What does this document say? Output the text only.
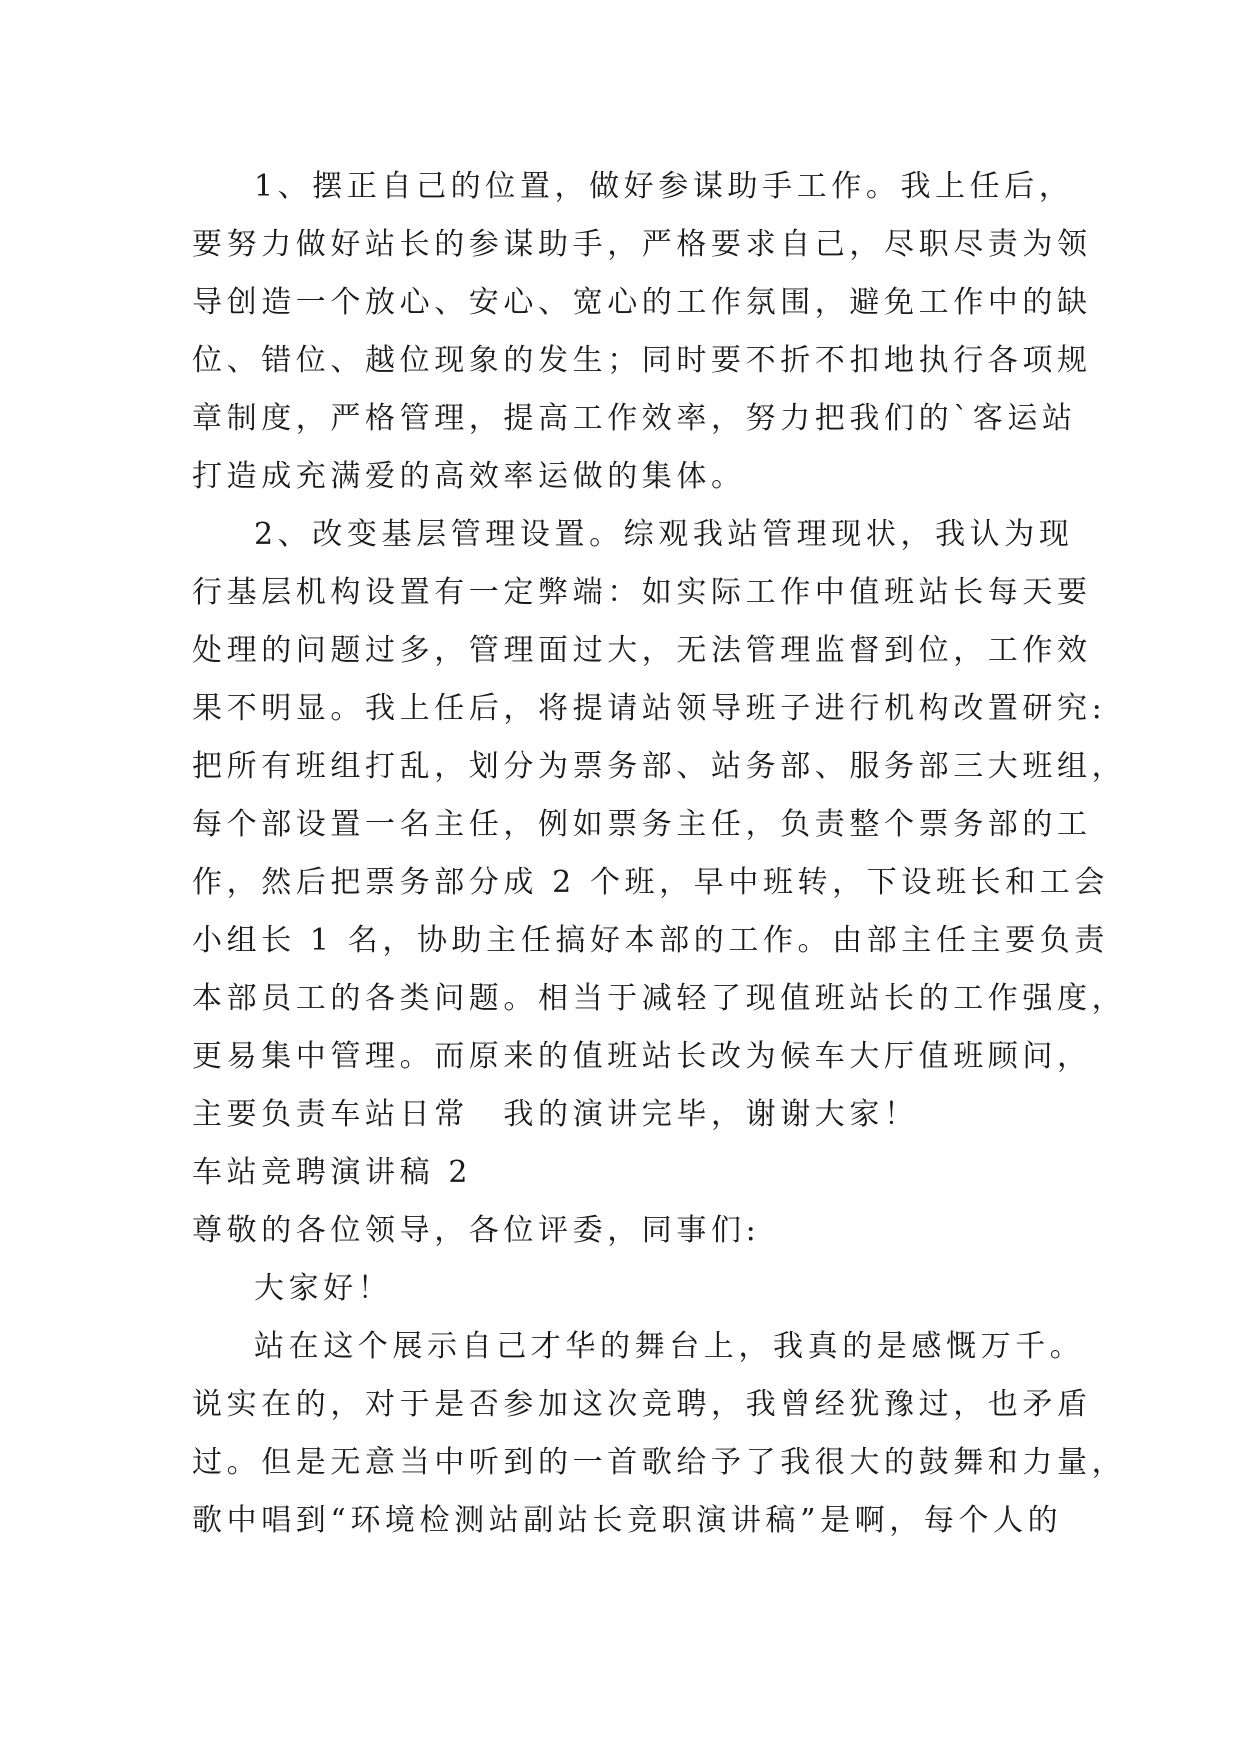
1、摆正自己的位置，做好参谋助手工作。我上任后，
要努力做好站长的参谋助手，严格要求自己，尽职尽责为领
导创造一个放心、安心、宽心的工作氛围，避免工作中的缺
位、错位、越位现象的发生；同时要不折不扣地执行各项规
章制度，严格管理，提高工作效率，努力把我们的`客运站
打造成充满爱的高效率运做的集体。
2、改变基层管理设置。综观我站管理现状，我认为现
行基层机构设置有一定弊端：如实际工作中值班站长每天要
处理的问题过多，管理面过大，无法管理监督到位，工作效
果不明显。我上任后，将提请站领导班子进行机构改置研究:
把所有班组打乱，划分为票务部、站务部、服务部三大班组，
每个部设置一名主任，例如票务主任，负责整个票务部的工
作，然后把票务部分成 2 个班，早中班转，下设班长和工会
小组长 1 名，协助主任搞好本部的工作。由部主任主要负责
本部员工的各类问题。相当于减轻了现值班站长的工作强度，
更易集中管理。而原来的值班站长改为候车大厅值班顾问，
主要负责车站日常　我的演讲完毕，谢谢大家！
车站竞聘演讲稿 2
尊敬的各位领导，各位评委，同事们:
大家好！
站在这个展示自己才华的舞台上，我真的是感慨万千。
说实在的，对于是否参加这次竞聘，我曾经犹豫过，也矛盾
过。但是无意当中听到的一首歌给予了我很大的鼓舞和力量，
歌中唱到“环境检测站副站长竞职演讲稿”是啊，每个人的
